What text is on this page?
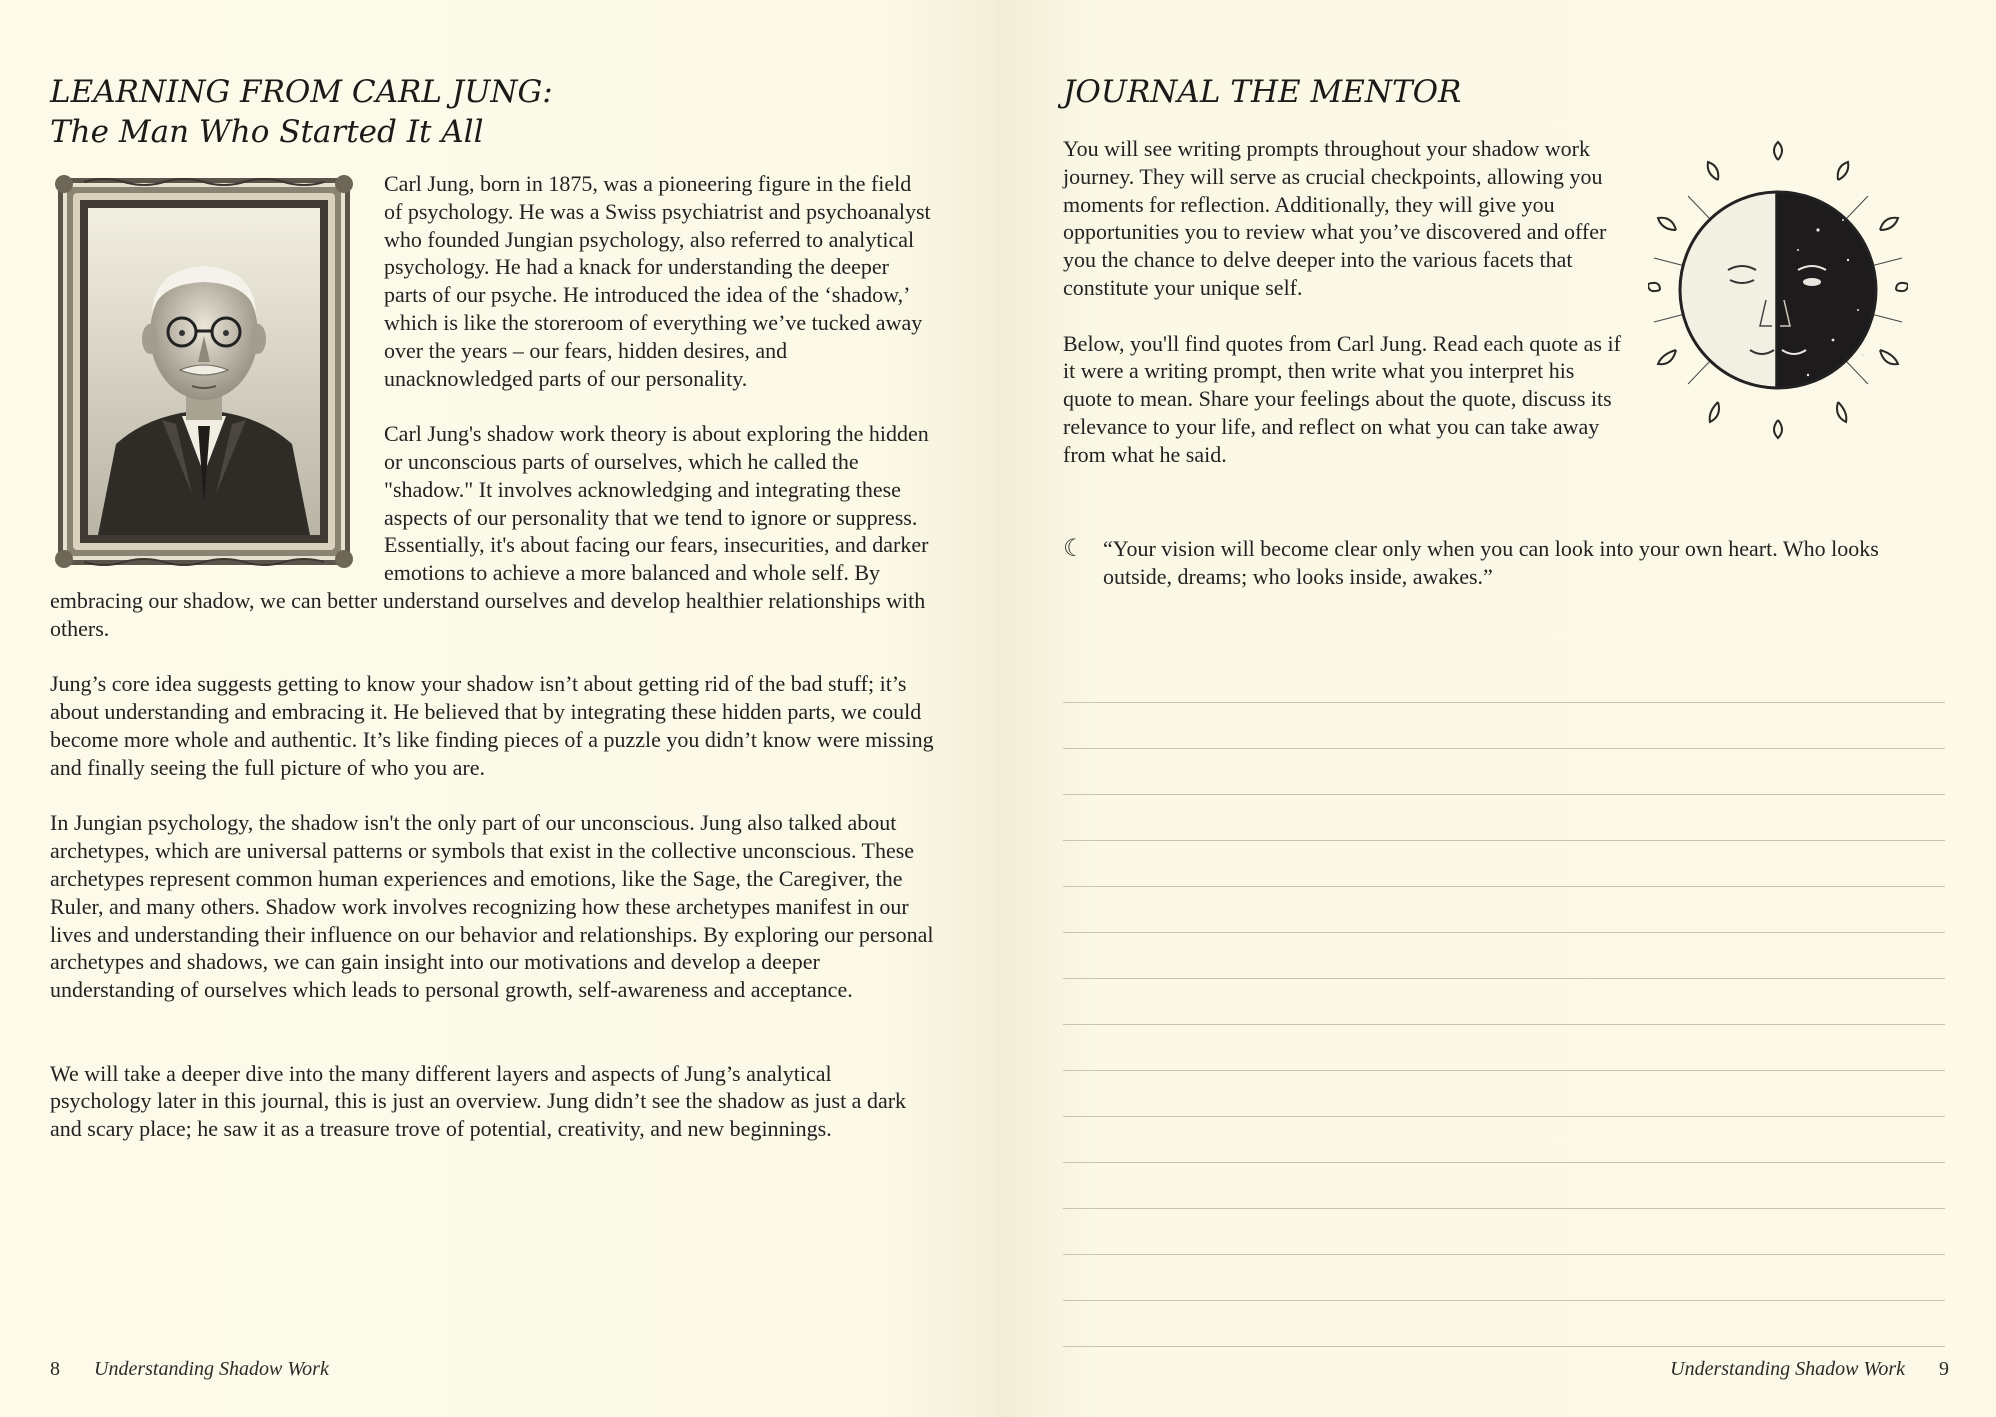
LEARNING FROM CARL JUNG:
The Man Who Started It All

Carl Jung, born in 1875, was a pioneering figure in the field of psychology. He was a Swiss psychiatrist and psychoanalyst who founded Jungian psychology, also referred to analytical psychology. He had a knack for understanding the deeper parts of our psyche. He introduced the idea of the ‘shadow,’ which is like the storeroom of everything we’ve tucked away over the years – our fears, hidden desires, and unacknowledged parts of our personality.

Carl Jung's shadow work theory is about exploring the hidden or unconscious parts of ourselves, which he called the "shadow." It involves acknowledging and integrating these aspects of our personality that we tend to ignore or suppress. Essentially, it's about facing our fears, insecurities, and darker emotions to achieve a more balanced and whole self. By embracing our shadow, we can better understand ourselves and develop healthier relationships with others.

Jung’s core idea suggests getting to know your shadow isn’t about getting rid of the bad stuff; it’s about understanding and embracing it. He believed that by integrating these hidden parts, we could become more whole and authentic. It’s like finding pieces of a puzzle you didn’t know were missing and finally seeing the full picture of who you are.

In Jungian psychology, the shadow isn't the only part of our unconscious. Jung also talked about archetypes, which are universal patterns or symbols that exist in the collective unconscious. These archetypes represent common human experiences and emotions, like the Sage, the Caregiver, the Ruler, and many others. Shadow work involves recognizing how these archetypes manifest in our lives and understanding their influence on our behavior and relationships. By exploring our personal archetypes and shadows, we can gain insight into our motivations and develop a deeper understanding of ourselves which leads to personal growth, self-awareness and acceptance.

We will take a deeper dive into the many different layers and aspects of Jung’s analytical psychology later in this journal, this is just an overview. Jung didn’t see the shadow as just a dark and scary place; he saw it as a treasure trove of potential, creativity, and new beginnings.

8 Understanding Shadow Work
JOURNAL THE MENTOR

You will see writing prompts throughout your shadow work journey. They will serve as crucial checkpoints, allowing you moments for reflection. Additionally, they will give you opportunities you to review what you’ve discovered and offer you the chance to delve deeper into the various facets that constitute your unique self.

Below, you'll find quotes from Carl Jung. Read each quote as if it were a writing prompt, then write what you interpret his quote to mean. Share your feelings about the quote, discuss its relevance to your life, and reflect on what you can take away from what he said.

☾ “Your vision will become clear only when you can look into your own heart. Who looks outside, dreams; who looks inside, awakes.”

Understanding Shadow Work 9
